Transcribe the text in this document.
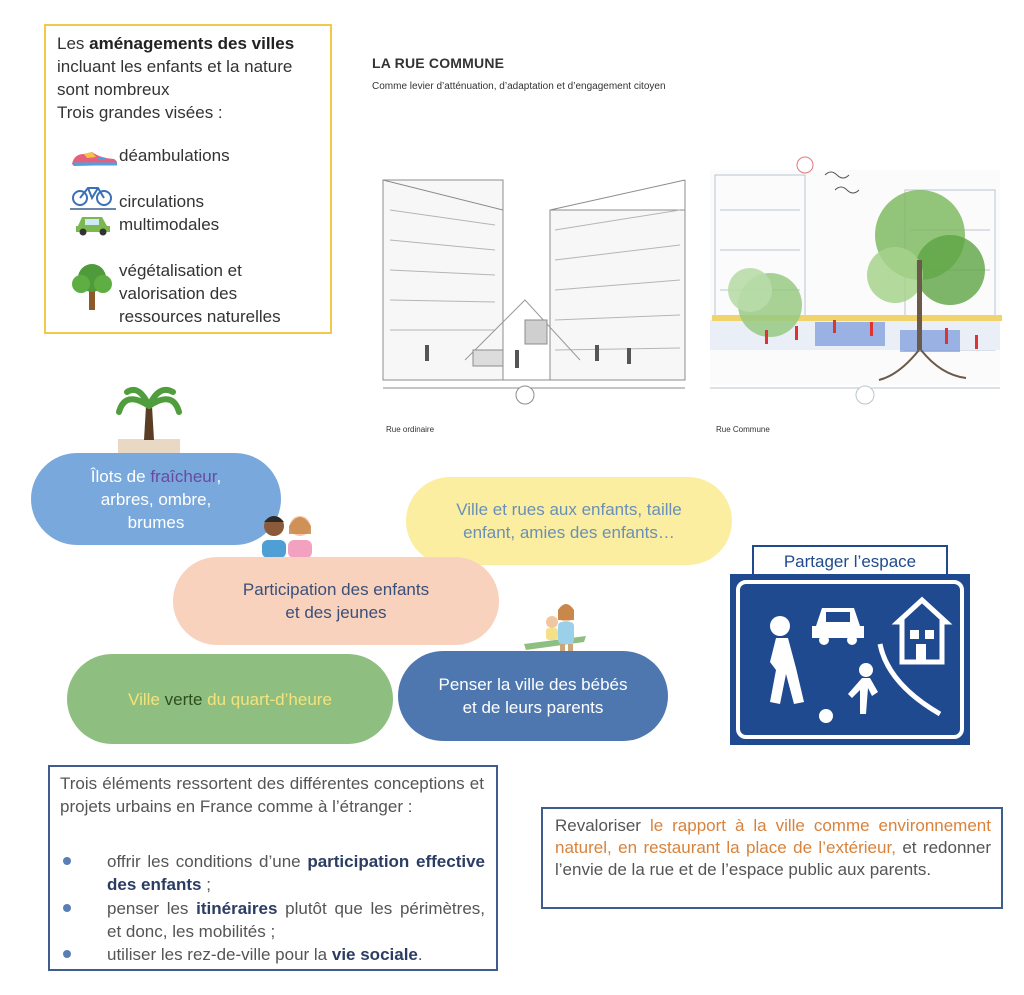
Les aménagements des villes incluant les enfants et la nature sont nombreux
Trois grandes visées :
déambulations
circulations
multimodales
végétalisation et
valorisation des
ressources naturelles
LA RUE COMMUNE
Comme levier d’atténuation, d’adaptation et d’engagement citoyen
Rue ordinaire	Rue Commune
Îlots de fraîcheur,
arbres, ombre,
brumes
Ville et rues aux enfants, taille
enfant, amies des enfants…
Participation des enfants
et des jeunes
Ville verte du quart-d’heure
Penser la ville des bébés
et de leurs parents
Partager l’espace
Trois éléments ressortent des différentes conceptions et projets urbains en France comme à l’étranger :
offrir les conditions d’une participation effective des enfants ;
penser les itinéraires plutôt que les périmètres, et donc, les mobilités ;
utiliser les rez-de-ville pour la vie sociale.
Revaloriser le rapport à la ville comme environnement naturel, en restaurant la place de l’extérieur, et redonner l’envie de la rue et de l’espace public aux parents.
